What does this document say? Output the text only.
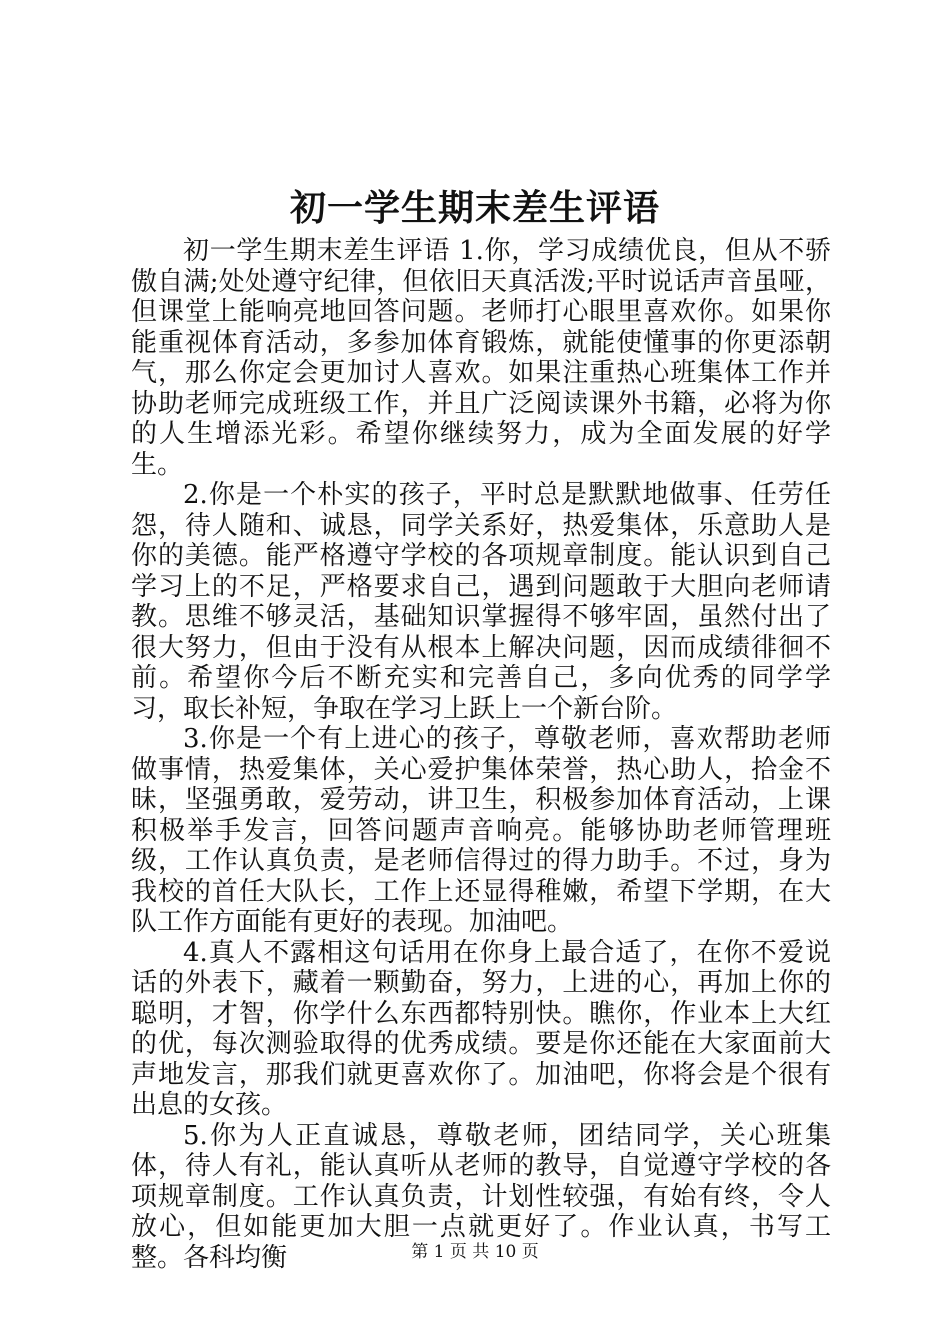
初一学生期末差生评语

初一学生期末差生评语 1.你，学习成绩优良，但从不骄傲自满;处处遵守纪律，但依旧天真活泼;平时说话声音虽哑，但课堂上能响亮地回答问题。老师打心眼里喜欢你。如果你能重视体育活动，多参加体育锻炼，就能使懂事的你更添朝气，那么你定会更加讨人喜欢。如果注重热心班集体工作并协助老师完成班级工作，并且广泛阅读课外书籍，必将为你的人生增添光彩。希望你继续努力，成为全面发展的好学生。

2.你是一个朴实的孩子，平时总是默默地做事、任劳任怨，待人随和、诚恳，同学关系好，热爱集体，乐意助人是你的美德。能严格遵守学校的各项规章制度。能认识到自己学习上的不足，严格要求自己，遇到问题敢于大胆向老师请教。思维不够灵活，基础知识掌握得不够牢固，虽然付出了很大努力，但由于没有从根本上解决问题，因而成绩徘徊不前。希望你今后不断充实和完善自己，多向优秀的同学学习，取长补短，争取在学习上跃上一个新台阶。

3.你是一个有上进心的孩子，尊敬老师，喜欢帮助老师做事情，热爱集体，关心爱护集体荣誉，热心助人，拾金不昧，坚强勇敢，爱劳动，讲卫生，积极参加体育活动，上课积极举手发言，回答问题声音响亮。能够协助老师管理班级，工作认真负责，是老师信得过的得力助手。不过，身为我校的首任大队长，工作上还显得稚嫩，希望下学期，在大队工作方面能有更好的表现。加油吧。

4.真人不露相这句话用在你身上最合适了，在你不爱说话的外表下，藏着一颗勤奋，努力，上进的心，再加上你的聪明，才智，你学什么东西都特别快。瞧你，作业本上大红的优，每次测验取得的优秀成绩。要是你还能在大家面前大声地发言，那我们就更喜欢你了。加油吧，你将会是个很有出息的女孩。

5.你为人正直诚恳，尊敬老师，团结同学，关心班集体，待人有礼，能认真听从老师的教导，自觉遵守学校的各项规章制度。工作认真负责，计划性较强，有始有终，令人放心，但如能更加大胆一点就更好了。作业认真，书写工整。各科均衡	第 1 页 共 10 页
